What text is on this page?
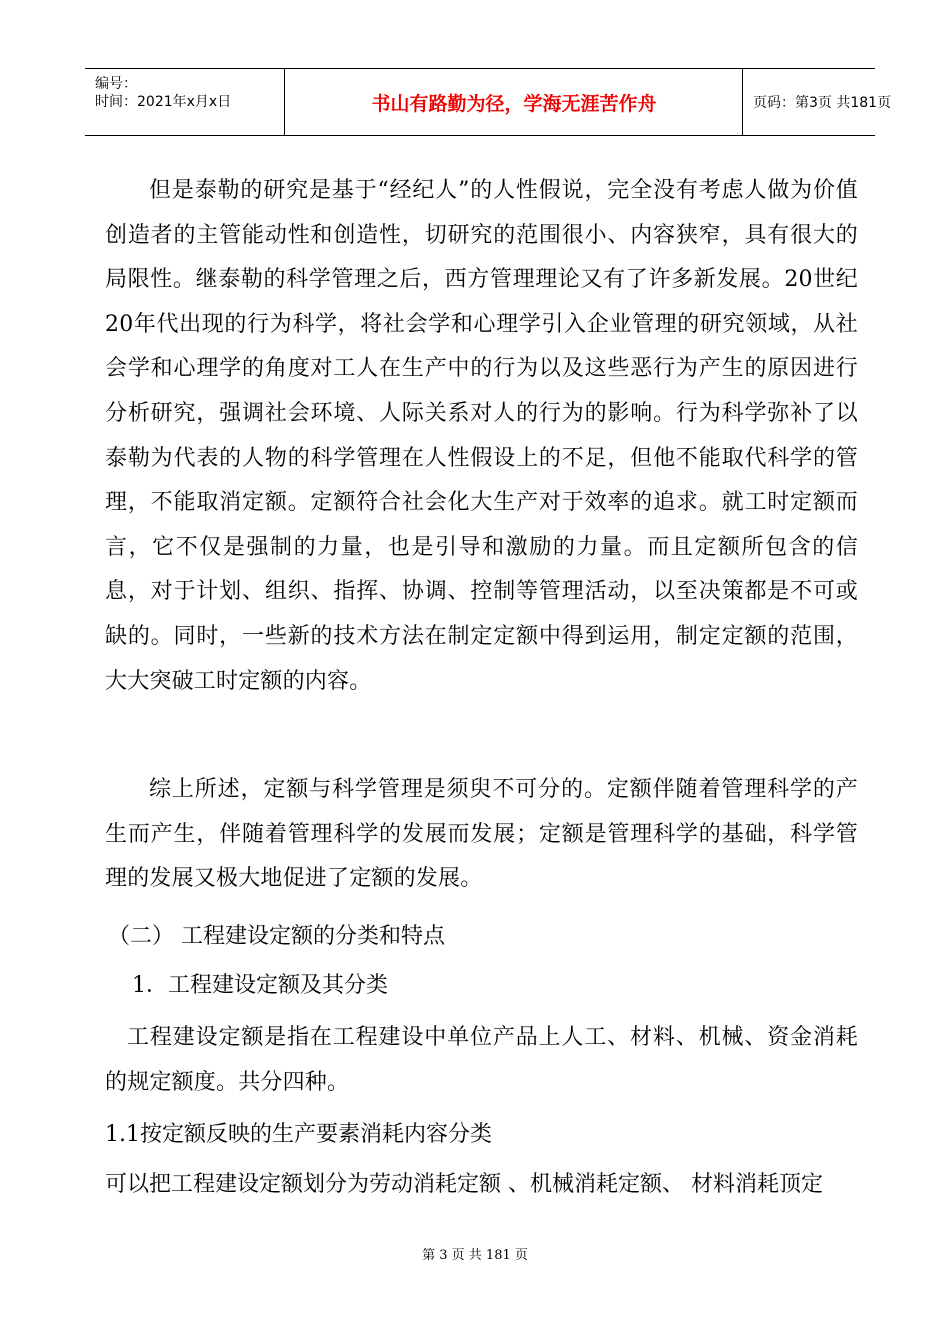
编号：
时间：2021年x月x日	书山有路勤为径，学海无涯苦作舟	页码：第3页 共181页
但是泰勒的研究是基于“经纪人”的人性假说，完全没有考虑人做为价值创造者的主管能动性和创造性，切研究的范围很小、内容狭窄，具有很大的局限性。继泰勒的科学管理之后，西方管理理论又有了许多新发展。20世纪20年代出现的行为科学，将社会学和心理学引入企业管理的研究领域，从社会学和心理学的角度对工人在生产中的行为以及这些恶行为产生的原因进行分析研究，强调社会环境、人际关系对人的行为的影响。行为科学弥补了以泰勒为代表的人物的科学管理在人性假设上的不足，但他不能取代科学的管理，不能取消定额。定额符合社会化大生产对于效率的追求。就工时定额而言，它不仅是强制的力量，也是引导和激励的力量。而且定额所包含的信息，对于计划、组织、指挥、协调、控制等管理活动，以至决策都是不可或缺的。同时，一些新的技术方法在制定定额中得到运用，制定定额的范围，大大突破工时定额的内容。
综上所述，定额与科学管理是须臾不可分的。定额伴随着管理科学的产生而产生，伴随着管理科学的发展而发展；定额是管理科学的基础，科学管理的发展又极大地促进了定额的发展。
（二） 工程建设定额的分类和特点
1．工程建设定额及其分类
工程建设定额是指在工程建设中单位产品上人工、材料、机械、资金消耗的规定额度。共分四种。
1.1按定额反映的生产要素消耗内容分类
可以把工程建设定额划分为劳动消耗定额 、机械消耗定额、 材料消耗顶定
第 3 页 共 181 页
